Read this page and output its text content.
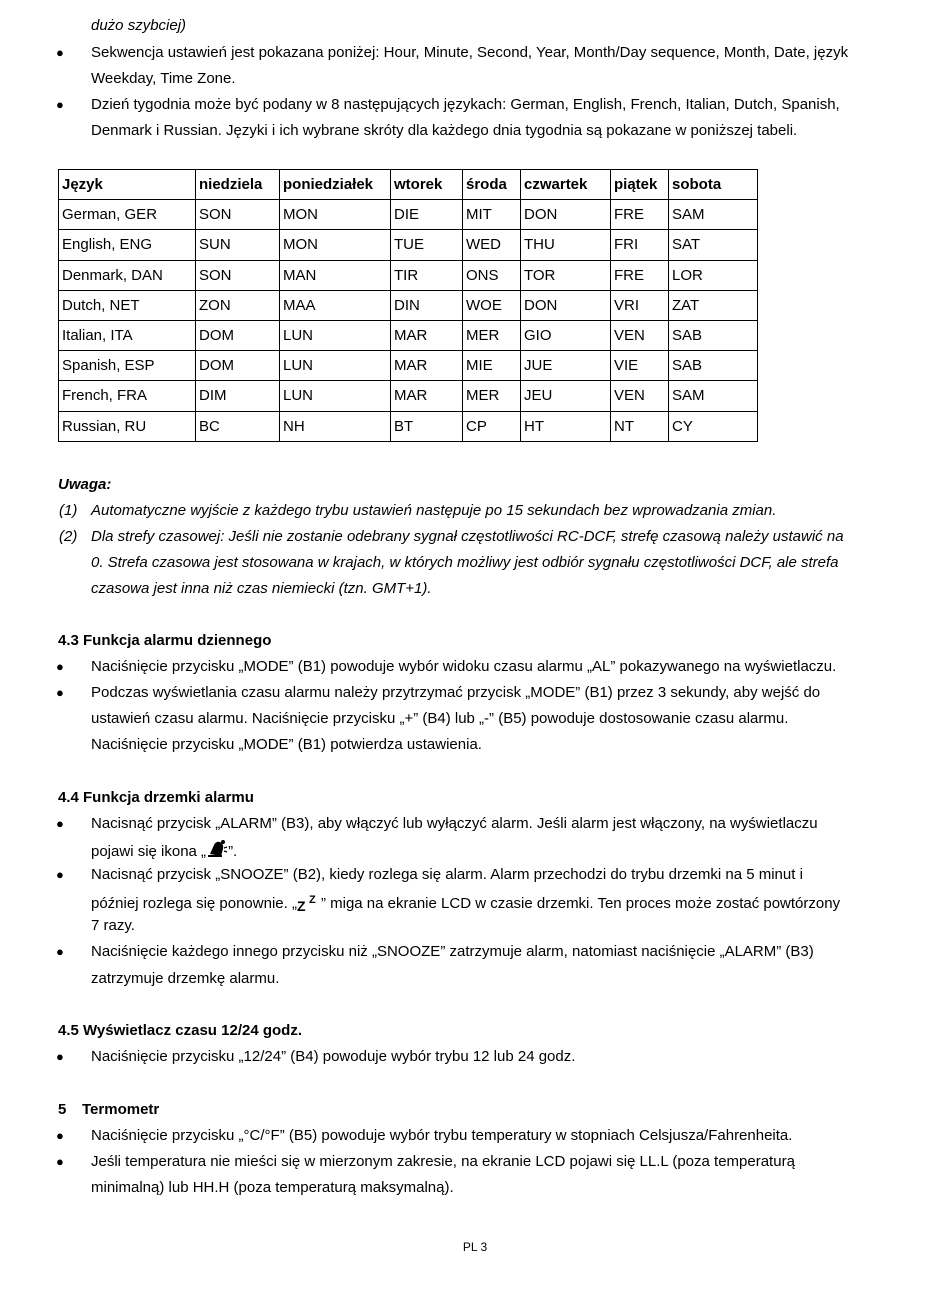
dużo szybciej)
● Sekwencja ustawień jest pokazana poniżej: Hour, Minute, Second, Year, Month/Day sequence, Month, Date, język
Weekday, Time Zone.
● Dzień tygodnia może być podany w 8 następujących językach: German, English, French, Italian, Dutch, Spanish,
Denmark i Russian. Języki i ich wybrane skróty dla każdego dnia tygodnia są pokazane w poniższej tabeli.
Język	niedziela	poniedziałek	wtorek	środa	czwartek	piątek	sobota
German, GER	SON	MON	DIE	MIT	DON	FRE	SAM
English, ENG	SUN	MON	TUE	WED	THU	FRI	SAT
Denmark, DAN	SON	MAN	TIR	ONS	TOR	FRE	LOR
Dutch, NET	ZON	MAA	DIN	WOE	DON	VRI	ZAT
Italian, ITA	DOM	LUN	MAR	MER	GIO	VEN	SAB
Spanish, ESP	DOM	LUN	MAR	MIE	JUE	VIE	SAB
French, FRA	DIM	LUN	MAR	MER	JEU	VEN	SAM
Russian, RU	BC	NH	BT	CP	HT	NT	CY
Uwaga:
(1) Automatyczne wyjście z każdego trybu ustawień następuje po 15 sekundach bez wprowadzania zmian.
(2) Dla strefy czasowej: Jeśli nie zostanie odebrany sygnał częstotliwości RC-DCF, strefę czasową należy ustawić na
0. Strefa czasowa jest stosowana w krajach, w których możliwy jest odbiór sygnału częstotliwości DCF, ale strefa
czasowa jest inna niż czas niemiecki (tzn. GMT+1).
4.3 Funkcja alarmu dziennego
● Naciśnięcie przycisku „MODE” (B1) powoduje wybór widoku czasu alarmu „AL” pokazywanego na wyświetlaczu.
● Podczas wyświetlania czasu alarmu należy przytrzymać przycisk „MODE” (B1) przez 3 sekundy, aby wejść do
ustawień czasu alarmu. Naciśnięcie przycisku „+” (B4) lub „-” (B5) powoduje dostosowanie czasu alarmu.
Naciśnięcie przycisku „MODE” (B1) potwierdza ustawienia.
4.4 Funkcja drzemki alarmu
● Nacisnąć przycisk „ALARM” (B3), aby włączyć lub wyłączyć alarm. Jeśli alarm jest włączony, na wyświetlaczu
pojawi się ikona „ ”.
● Nacisnąć przycisk „SNOOZE” (B2), kiedy rozlega się alarm. Alarm przechodzi do trybu drzemki na 5 minut i
później rozlega się ponownie. „ Z Z ” miga na ekranie LCD w czasie drzemki. Ten proces może zostać powtórzony
7 razy.
● Naciśnięcie każdego innego przycisku niż „SNOOZE” zatrzymuje alarm, natomiast naciśnięcie „ALARM” (B3)
zatrzymuje drzemkę alarmu.
4.5 Wyświetlacz czasu 12/24 godz.
● Naciśnięcie przycisku „12/24” (B4) powoduje wybór trybu 12 lub 24 godz.
5 Termometr
● Naciśnięcie przycisku „°C/°F” (B5) powoduje wybór trybu temperatury w stopniach Celsjusza/Fahrenheita.
● Jeśli temperatura nie mieści się w mierzonym zakresie, na ekranie LCD pojawi się LL.L (poza temperaturą
minimalną) lub HH.H (poza temperaturą maksymalną).
PL 3
